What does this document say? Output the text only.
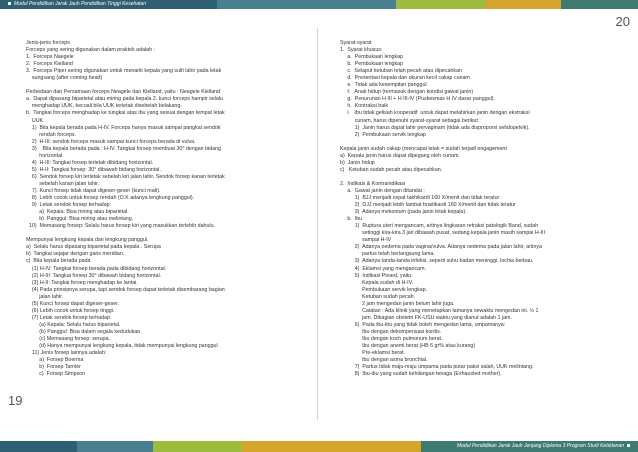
Modul Pendidikan Jarak Jauh Pendidikan Tinggi Kesehatan
20
19
Jenis-jenis forceps
Forceps yang sering digunakan dalam praktek adalah :
1.  Forceps Naegele
2.  Forceps Kielland
3.  Forceps Piper sering digunakan untuk menarik kepala yang sulit lahir pada letak
sungsang (after coming head)
Perbedaan dan Persamaan forceps Neagele dan Kielland, yaitu : Neagele Kielland
a.  Dapat dipasang biparietal atau miring pada kepala 2. kunci forceps hampir selalu
menghadap UUK, kecuali bila UUK terletak disebelah belakang.
b.  Tangkai forceps menghadap ke tungkai atas ibu yang sesuai dengan tempat letak
UUK.
1)  Bila kepala berada pada H-IV. Forceps hanya masuk sampai pangkal sendok
rendah forceps.
2)  H-III: sendok forceps masuk sampai kunci forceps berada di vulva.
3)    Bila kepala berada pada : H-IV. Tangkai forsep membuat 30° dengan bidang
horizontal.
4)  H-III: Tangkai forsep terletak dibidang horizontal.
5)  H-II: Tangkai forsep: 30° dibawah bidang horizontal.
6)  Sendok forsep kiri terletak sebelah kiri jalan lahir. Sendok forsep kanan terletak
sebelah kanan jalan lahir.
7)  Kunci forsep tidak dapat digeser-geser (kunci mati).
8)  Lebih cocok untuk forsep rendah (O.K adanya lengkung panggul).
9)  Letak sendok forsep terhadap:
a)  Kepala: Bisa miring atau biparietal.
b)  Panggul: Bisa miring atau melintang.
10)  Memasang forsep: Selalu harus forsep kiri yang masukkan terlebih dahulu.
Mempunyai lengkung kepala dan lengkung panggul.
a)  Selalu harus dipasang biparietal pada kepala . Serupa
b)  Tangkai sejajar dengan garis meridian.
c)  Bila kepala berada pada
(1) H-IV: Tangkai forsep berada pada dibidang horizontal.
(2) H-III: Tangkai forsep 30° dibawah bidang horizontal.
(3) H-II: Tangkai forsep menghadap ke lantai.
(4) Pada prinsipnya serupa, tapi sendok forsep dapat terletak disembarang bagian
jalan lahir.
(5) Kunci forsep dapat digeser-geser.
(6) Lebih cocok untuk forsep tinggi.
(7) Letak sendok forsep terhadap:
(a) Kepala: Selalu harus biparietal.
(b) Panggul: Bisa dalam segala kedudukan.
(c) Memasang forsep: serupa.
(d) Hanya mempunyai lengkung kepala, tidak mempunyai lengkung panggul
11) Jenis forsep lainnya adalah:
a)  Forsep Boerma
b)  Forsep Tarnier
c)  Forsep Simpson
Syarat-syarat
1.  Syarat khusus:
a.  Pembukaan lengkap
b.  Pembukaan lengkap
c.  Selaput ketuban telah pecah atau dipecahkan
d.  Presentasi kepala dan ukuran kecil cakap cunam
e.  Tidak ada kesempitan panggul
f.   Anak hidup (termasuk dengan kondisi gawat janin)
g.  Penurunan H III + H III-IV (Puskesmas H IV dasar panggul).
h.  Kontraksi baik
i.   Ibu tidak gelisah kooperatif  untuk dapat melahirkan janin dengan ekstraksi
cunam, harus dipenuhi syarat-syarat sebagai berikut :
1)  Janin harus dapat lahir pervaginam (tidak ada disproporsi sefalopelvik).
2)  Pembukaan servik lengkap
Kepala janin sudah cakap (mencapai letak = sudah terjadi engagement
a)  Kepala janin harus dapat dipegang oleh cunam.
b)  Janin hidup
c)   Ketuban sudah pecah atau dipecahkan.
2.  Indikasi & Kontraindikasi
a.  Gawat janin dengan ditandai :
1)  BJJ menjadi cepat takhikardi 160 X/menit dan tidak teratur
2)  DJJ menjadi lebih lambat bradikardi 160 X/menit dan tidak teratur
3)  Adanya mekonium (pada janin letak kepala).
b.  Ibu
1)  Ruptura uteri mengancam, artinya lingkaran retraksi patologik Band, sudah
setinggi kira-kira 3 jari dibawah pusat, sedang kepala janin masih sampai H-III
sampai H-IV
2)  Adanya oedema pada vagina/vulva. Adanya oedema pada jalan lahir, artinya
partus telah berlangsung lama.
3)  Adanya tanda-tanda infeksi, seperti suhu badan meninggi, lochia berbau.
4)  Eklamsi yang mengancam.
5)  Indikasi Pinard, yaitu:
Kepala sudah di H-IV.
Pembukaan servik lengkap.
Ketuban sudah pecah.
2 jam mengedan janin belum lahir juga.
Catatan : Ada klinik yang menetapkan lamanya sewaktu mengedan ini. ½ 1
jam. Dibagian obstetri FK-USU waktu yang dianut adalah 1 jam.
6)  Pada ibu-ibu yang tidak boleh mengedan lama, umpamanya:
Ibu dengan dekompensasi kordis.
Ibu dengan koch pulmonum berat.
Ibu dengan anemi berat (HB 6 gr% atau kurang)
Pre-eklamsi berat.
Ibu dengan asma bronchial.
7)  Partus tidak maju-maju umpama pada putar paksi salah, UUK melintang.
8)  Ibu-ibu yang sudah kehilangan tenaga (Exhausted mother).
Modul Pendidikan Jarak Jauh Jenjang Diploma 3 Program Studi Kebidanan
